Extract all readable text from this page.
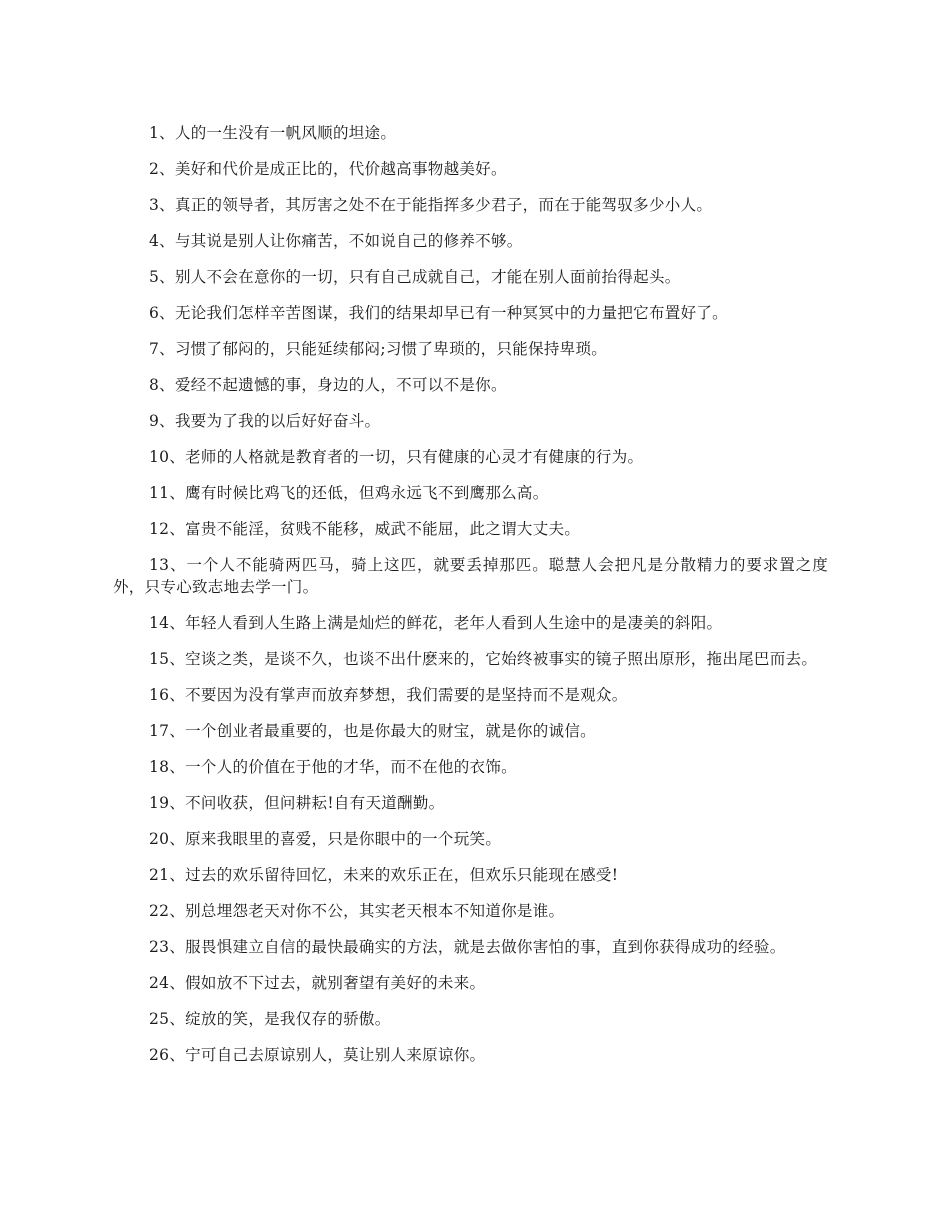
1、人的一生没有一帆风顺的坦途。

2、美好和代价是成正比的，代价越高事物越美好。

3、真正的领导者，其厉害之处不在于能指挥多少君子，而在于能驾驭多少小人。

4、与其说是别人让你痛苦，不如说自己的修养不够。

5、别人不会在意你的一切，只有自己成就自己，才能在别人面前抬得起头。

6、无论我们怎样辛苦图谋，我们的结果却早已有一种冥冥中的力量把它布置好了。

7、习惯了郁闷的，只能延续郁闷;习惯了卑琐的，只能保持卑琐。

8、爱经不起遗憾的事，身边的人，不可以不是你。

9、我要为了我的以后好好奋斗。

10、老师的人格就是教育者的一切，只有健康的心灵才有健康的行为。

11、鹰有时候比鸡飞的还低，但鸡永远飞不到鹰那么高。

12、富贵不能淫，贫贱不能移，威武不能屈，此之谓大丈夫。

13、一个人不能骑两匹马，骑上这匹，就要丢掉那匹。聪慧人会把凡是分散精力的要求置之度外，只专心致志地去学一门。

14、年轻人看到人生路上满是灿烂的鲜花，老年人看到人生途中的是凄美的斜阳。

15、空谈之类，是谈不久，也谈不出什麽来的，它始终被事实的镜子照出原形，拖出尾巴而去。

16、不要因为没有掌声而放弃梦想，我们需要的是坚持而不是观众。

17、一个创业者最重要的，也是你最大的财宝，就是你的诚信。

18、一个人的价值在于他的才华，而不在他的衣饰。

19、不问收获，但问耕耘!自有天道酬勤。

20、原来我眼里的喜爱，只是你眼中的一个玩笑。

21、过去的欢乐留待回忆，未来的欢乐正在，但欢乐只能现在感受!

22、别总埋怨老天对你不公，其实老天根本不知道你是谁。

23、服畏惧建立自信的最快最确实的方法，就是去做你害怕的事，直到你获得成功的经验。

24、假如放不下过去，就别奢望有美好的未来。

25、绽放的笑，是我仅存的骄傲。

26、宁可自己去原谅别人，莫让别人来原谅你。
